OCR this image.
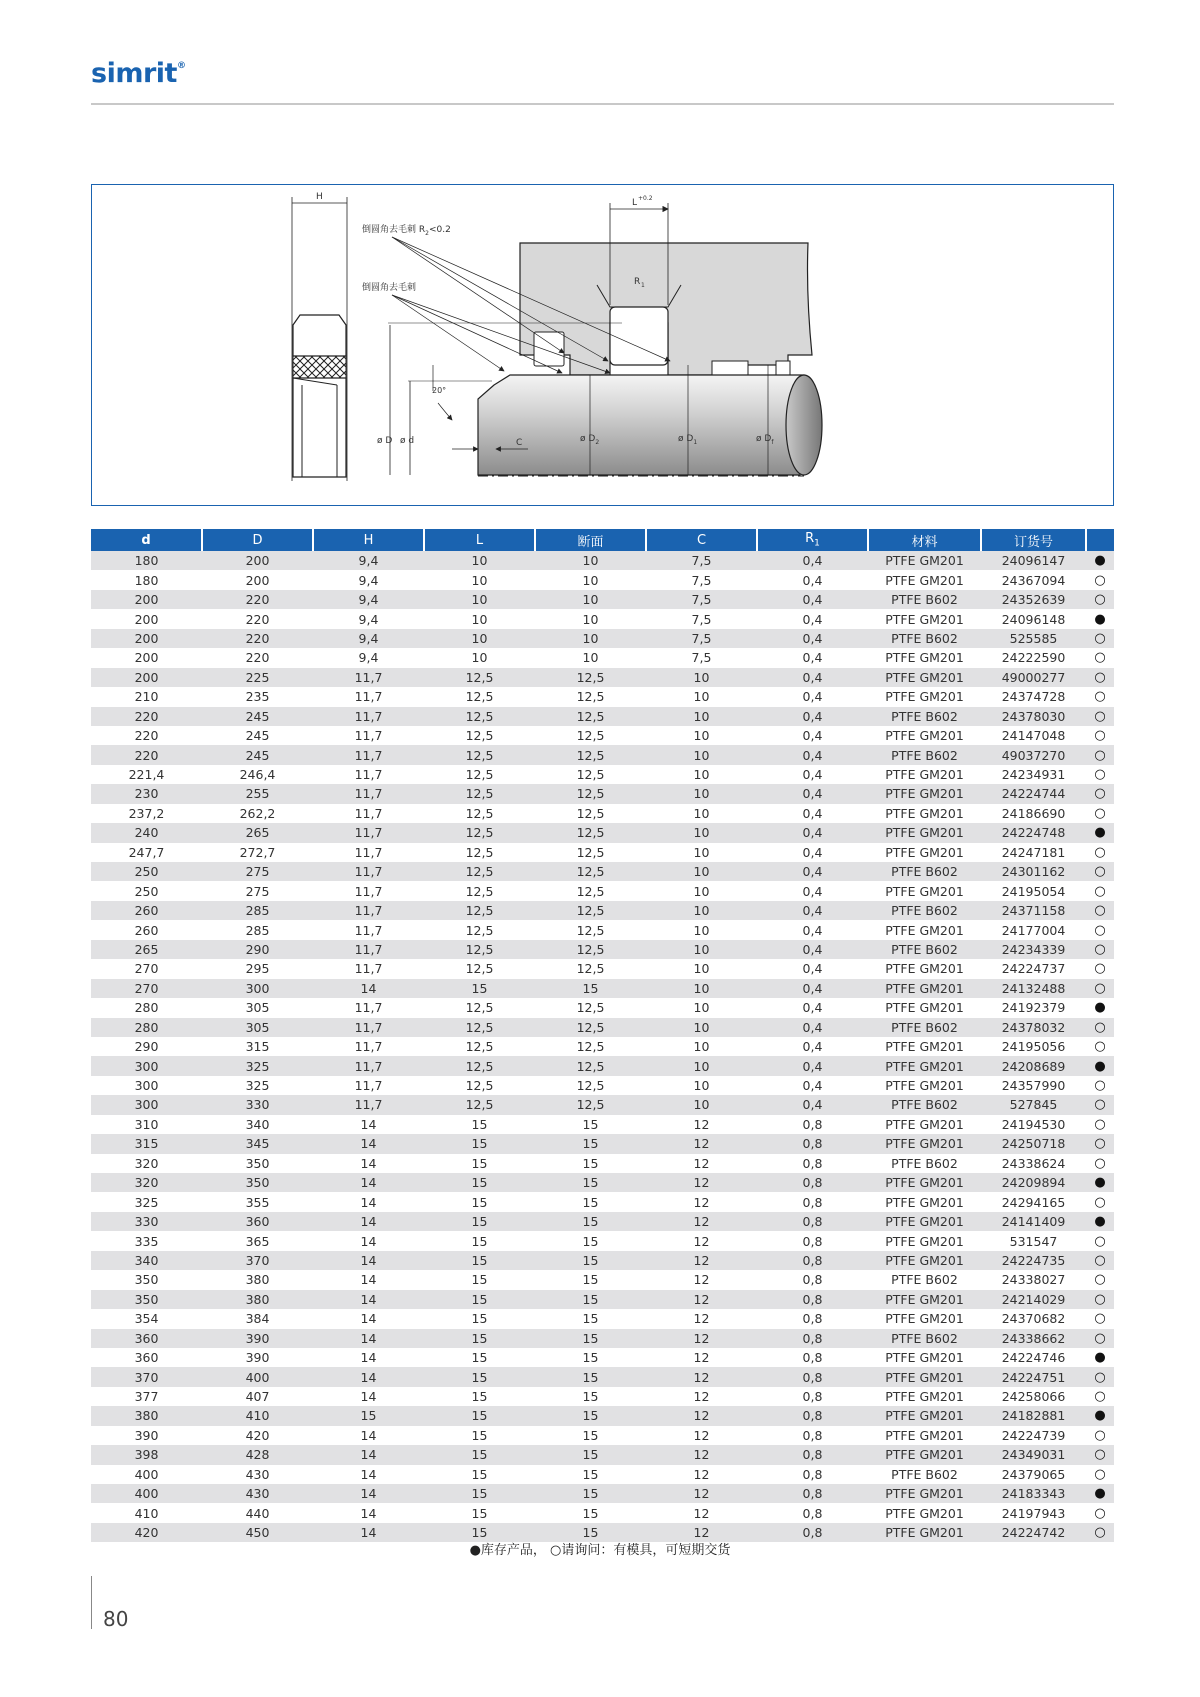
simrit®
L +0.2
R 1
H
倒圆角去毛刺 $R_2<0.2$
倒圆角去毛刺
ø D ø d
20°
C	ø $D_2$	ø $D_1$	ø $D_f$
d	D	H	L	断面	C	$R_1$	材料	订货号	
180	200	9,4	10	10	7,5	0,4	PTFE GM201	24096147	●
180	200	9,4	10	10	7,5	0,4	PTFE GM201	24367094	○
200	220	9,4	10	10	7,5	0,4	PTFE B602	24352639	○
200	220	9,4	10	10	7,5	0,4	PTFE GM201	24096148	●
200	220	9,4	10	10	7,5	0,4	PTFE B602	525585	○
200	220	9,4	10	10	7,5	0,4	PTFE GM201	24222590	○
200	225	11,7	12,5	12,5	10	0,4	PTFE GM201	49000277	○
210	235	11,7	12,5	12,5	10	0,4	PTFE GM201	24374728	○
220	245	11,7	12,5	12,5	10	0,4	PTFE B602	24378030	○
220	245	11,7	12,5	12,5	10	0,4	PTFE GM201	24147048	○
220	245	11,7	12,5	12,5	10	0,4	PTFE B602	49037270	○
221,4	246,4	11,7	12,5	12,5	10	0,4	PTFE GM201	24234931	○
230	255	11,7	12,5	12,5	10	0,4	PTFE GM201	24224744	○
237,2	262,2	11,7	12,5	12,5	10	0,4	PTFE GM201	24186690	○
240	265	11,7	12,5	12,5	10	0,4	PTFE GM201	24224748	●
247,7	272,7	11,7	12,5	12,5	10	0,4	PTFE GM201	24247181	○
250	275	11,7	12,5	12,5	10	0,4	PTFE B602	24301162	○
250	275	11,7	12,5	12,5	10	0,4	PTFE GM201	24195054	○
260	285	11,7	12,5	12,5	10	0,4	PTFE B602	24371158	○
260	285	11,7	12,5	12,5	10	0,4	PTFE GM201	24177004	○
265	290	11,7	12,5	12,5	10	0,4	PTFE B602	24234339	○
270	295	11,7	12,5	12,5	10	0,4	PTFE GM201	24224737	○
270	300	14	15	15	10	0,4	PTFE GM201	24132488	○
280	305	11,7	12,5	12,5	10	0,4	PTFE GM201	24192379	●
280	305	11,7	12,5	12,5	10	0,4	PTFE B602	24378032	○
290	315	11,7	12,5	12,5	10	0,4	PTFE GM201	24195056	○
300	325	11,7	12,5	12,5	10	0,4	PTFE GM201	24208689	●
300	325	11,7	12,5	12,5	10	0,4	PTFE GM201	24357990	○
300	330	11,7	12,5	12,5	10	0,4	PTFE B602	527845	○
310	340	14	15	15	12	0,8	PTFE GM201	24194530	○
315	345	14	15	15	12	0,8	PTFE GM201	24250718	○
320	350	14	15	15	12	0,8	PTFE B602	24338624	○
320	350	14	15	15	12	0,8	PTFE GM201	24209894	●
325	355	14	15	15	12	0,8	PTFE GM201	24294165	○
330	360	14	15	15	12	0,8	PTFE GM201	24141409	●
335	365	14	15	15	12	0,8	PTFE GM201	531547	○
340	370	14	15	15	12	0,8	PTFE GM201	24224735	○
350	380	14	15	15	12	0,8	PTFE B602	24338027	○
350	380	14	15	15	12	0,8	PTFE GM201	24214029	○
354	384	14	15	15	12	0,8	PTFE GM201	24370682	○
360	390	14	15	15	12	0,8	PTFE B602	24338662	○
360	390	14	15	15	12	0,8	PTFE GM201	24224746	●
370	400	14	15	15	12	0,8	PTFE GM201	24224751	○
377	407	14	15	15	12	0,8	PTFE GM201	24258066	○
380	410	15	15	15	12	0,8	PTFE GM201	24182881	●
390	420	14	15	15	12	0,8	PTFE GM201	24224739	○
398	428	14	15	15	12	0,8	PTFE GM201	24349031	○
400	430	14	15	15	12	0,8	PTFE B602	24379065	○
400	430	14	15	15	12	0,8	PTFE GM201	24183343	●
410	440	14	15	15	12	0,8	PTFE GM201	24197943	○
420	450	14	15	15	12	0,8	PTFE GM201	24224742	○
●库存产品， ○请询问：有模具，可短期交货
80
